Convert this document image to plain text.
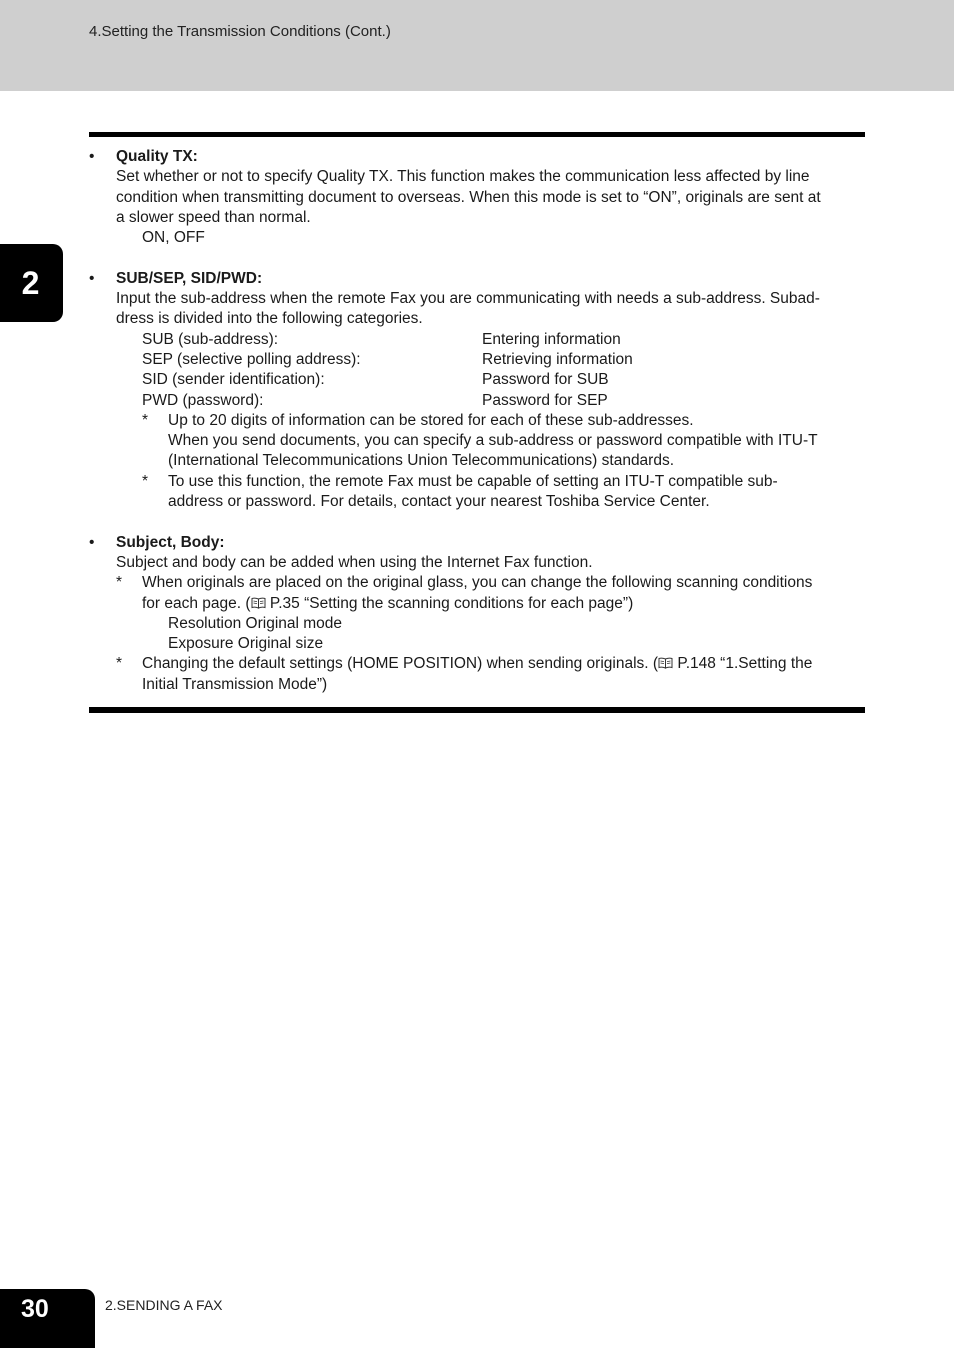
4.Setting the Transmission Conditions (Cont.)
2
• Quality TX:
Set whether or not to specify Quality TX. This function makes the communication less affected by line
condition when transmitting document to overseas. When this mode is set to “ON”, originals are sent at
a slower speed than normal.
ON, OFF
• SUB/SEP, SID/PWD:
Input the sub-address when the remote Fax you are communicating with needs a sub-address. Subad-
dress is divided into the following categories.
SUB (sub-address):	Entering information
SEP (selective polling address):	Retrieving information
SID (sender identification):	Password for SUB
PWD (password):	Password for SEP
* Up to 20 digits of information can be stored for each of these sub-addresses.
When you send documents, you can specify a sub-address or password compatible with ITU-T
(International Telecommunications Union Telecommunications) standards.
* To use this function, the remote Fax must be capable of setting an ITU-T compatible sub-
address or password. For details, contact your nearest Toshiba Service Center.
• Subject, Body:
Subject and body can be added when using the Internet Fax function.
* When originals are placed on the original glass, you can change the following scanning conditions
for each page. ( P.35 “Setting the scanning conditions for each page”)
Resolution Original mode
Exposure Original size
* Changing the default settings (HOME POSITION) when sending originals. ( P.148 “1.Setting the
Initial Transmission Mode”)
30	2.SENDING A FAX
